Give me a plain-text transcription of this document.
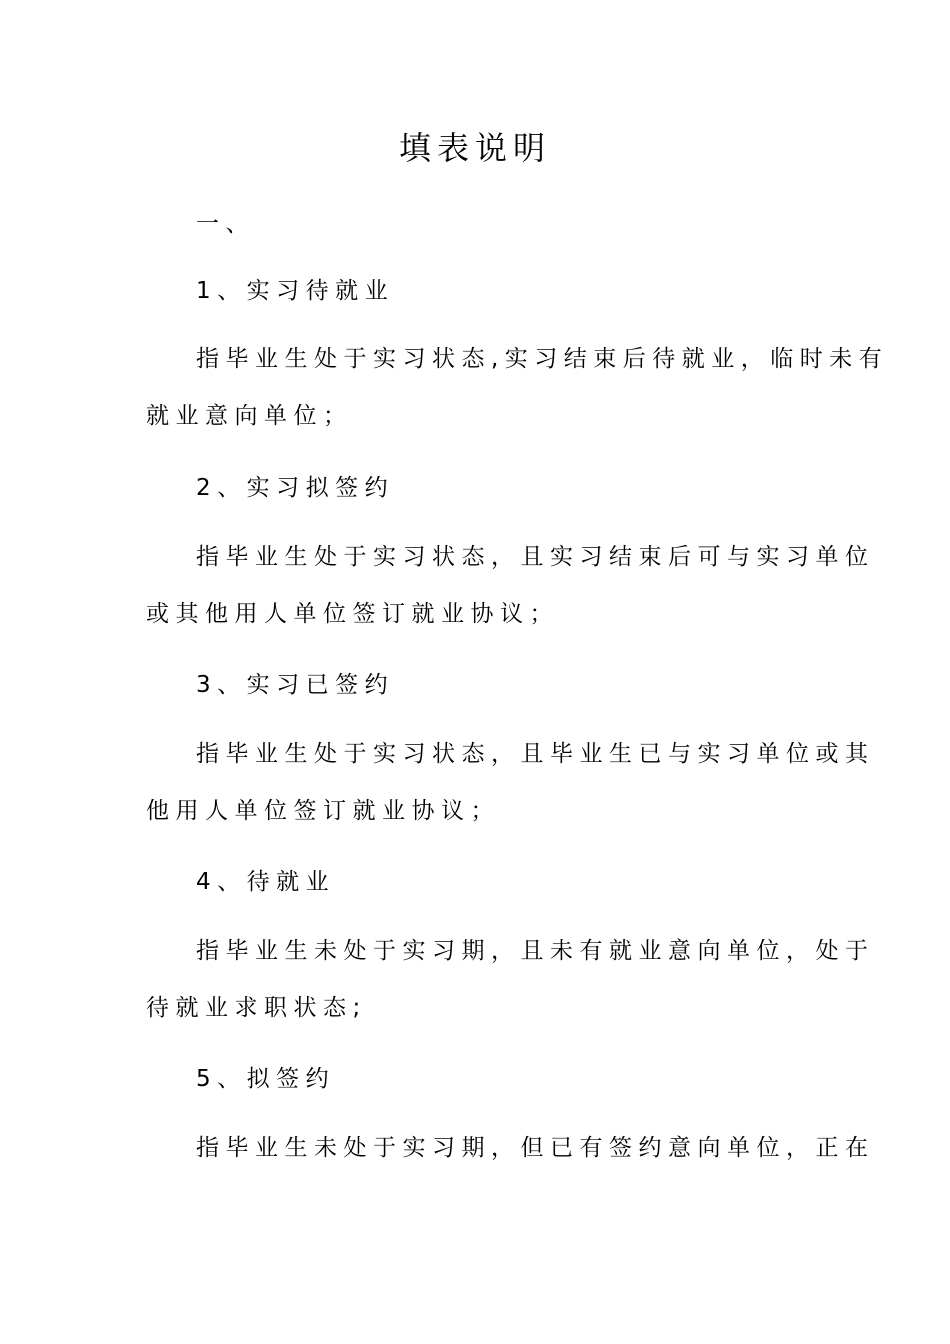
填表说明
一、
1、实习待就业
指毕业生处于实习状态,实习结束后待就业，临时未有
就业意向单位；
2、实习拟签约
指毕业生处于实习状态，且实习结束后可与实习单位
或其他用人单位签订就业协议；
3、实习已签约
指毕业生处于实习状态，且毕业生已与实习单位或其
他用人单位签订就业协议；
4、待就业
指毕业生未处于实习期，且未有就业意向单位，处于
待就业求职状态;
5、拟签约
指毕业生未处于实习期，但已有签约意向单位，正在
